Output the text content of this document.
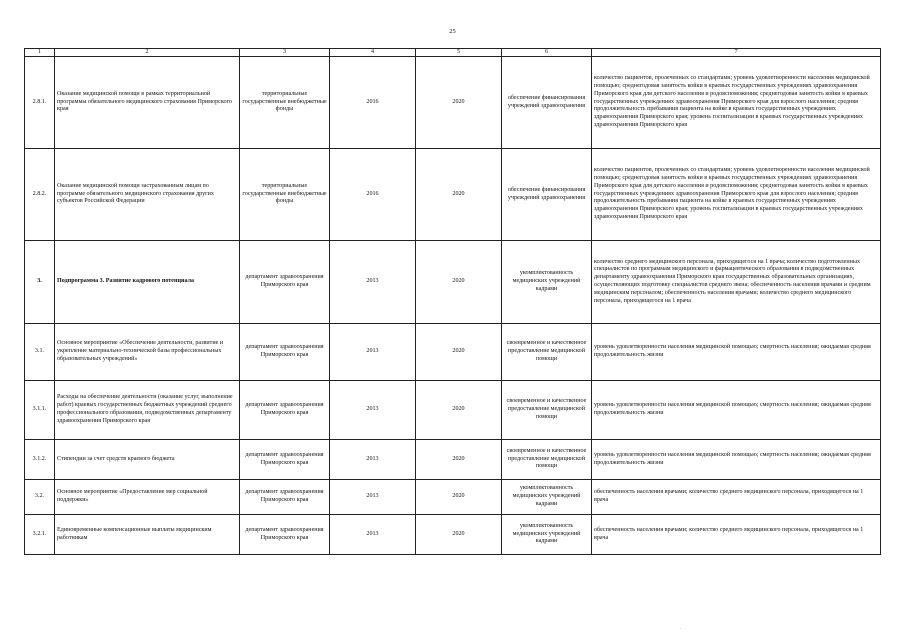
25
1	2	3	4	5	6	7
2.8.1.	Оказание медицинской помощи в рамках территориальной программы обязательного медицинского страхования Приморского края	территориальные государственные внебюджетные фонды	2016	2020	обеспечение финансирования учреждений здравоохранения	количество пациентов, пролеченных со стандартами; уровень удовлетворенности населения медицинской помощью; среднегодовая занятость койки в краевых государственных учреждениях здравоохранения Приморского края для детского населения и родовспоможения; среднегодовая занятость койки в краевых государственных учреждениях здравоохранения Приморского края для взрослого населения; средняя продолжительность пребывания пациента на койке в краевых государственных учреждениях здравоохранения Приморского края; уровень госпитализации в краевых государственных учреждениях здравоохранения Приморского края
2.8.2.	Оказание медицинской помощи застрахованным лицам по программе обязательного медицинского страхования других субъектов Российской Федерации	территориальные государственные внебюджетные фонды	2016	2020	обеспечение финансирования учреждений здравоохранения	количество пациентов, пролеченных со стандартами; уровень удовлетворенности населения медицинской помощью; среднегодовая занятость койки в краевых государственных учреждениях здравоохранения Приморского края для детского населения и родовспоможения; среднегодовая занятость койки в краевых государственных учреждениях здравоохранения Приморского края для взрослого населения; средняя продолжительность пребывания пациента на койке в краевых государственных учреждениях здравоохранения Приморского края; уровень госпитализации в краевых государственных учреждениях здравоохранения Приморского края
3.	Подпрограмма 3. Развитие кадрового потенциала	департамент здравоохранения Приморского края	2013	2020	укомплектованность медицинских учреждений кадрами	количество среднего медицинского персонала, приходящегося на 1 врача; количество подготовленных специалистов по программам медицинского и фармацевтического образования в подведомственных департаменту здравоохранения Приморского края государственных образовательных организациях, осуществляющих подготовку специалистов среднего звена; обеспеченность населения врачами и средним медицинским персоналом; обеспеченность населения врачами; количество среднего медицинского персонала, приходящегося на 1 врача
3.1.	Основное мероприятие «Обеспечение деятельности, развитие и укрепление материально-технической базы профессиональных образовательных учреждений»	департамент здравоохранения Приморского края	2013	2020	своевременное и качественное предоставление медицинской помощи	уровень удовлетворенности населения медицинской помощью; смертность населения; ожидаемая средняя продолжительность жизни
3.1.1.	Расходы на обеспечение деятельности (оказание услуг, выполнение работ) краевых государственных бюджетных учреждений среднего профессионального образования, подведомственных департаменту здравоохранения Приморского края	департамент здравоохранения Приморского края	2013	2020	своевременное и качественное предоставление медицинской помощи	уровень удовлетворенности населения медицинской помощью; смертность населения; ожидаемая средняя продолжительность жизни
3.1.2.	Стипендии за счет средств краевого бюджета	департамент здравоохранения Приморского края	2013	2020	своевременное и качественное предоставление медицинской помощи	уровень удовлетворенности населения медицинской помощью; смертность населения; ожидаемая средняя продолжительность жизни
3.2.	Основное мероприятие «Предоставление мер социальной поддержки»	департамент здравоохранения Приморского края	2013	2020	укомплектованность медицинских учреждений кадрами	обеспеченность населения врачами; количество среднего медицинского персонала, приходящегося на 1 врача
3.2.1.	Единовременные компенсационные выплаты медицинским работникам	департамент здравоохранения Приморского края	2013	2020	укомплектованность медицинских учреждений кадрами	обеспеченность населения врачами; количество среднего медицинского персонала, приходящегося на 1 врача
·
